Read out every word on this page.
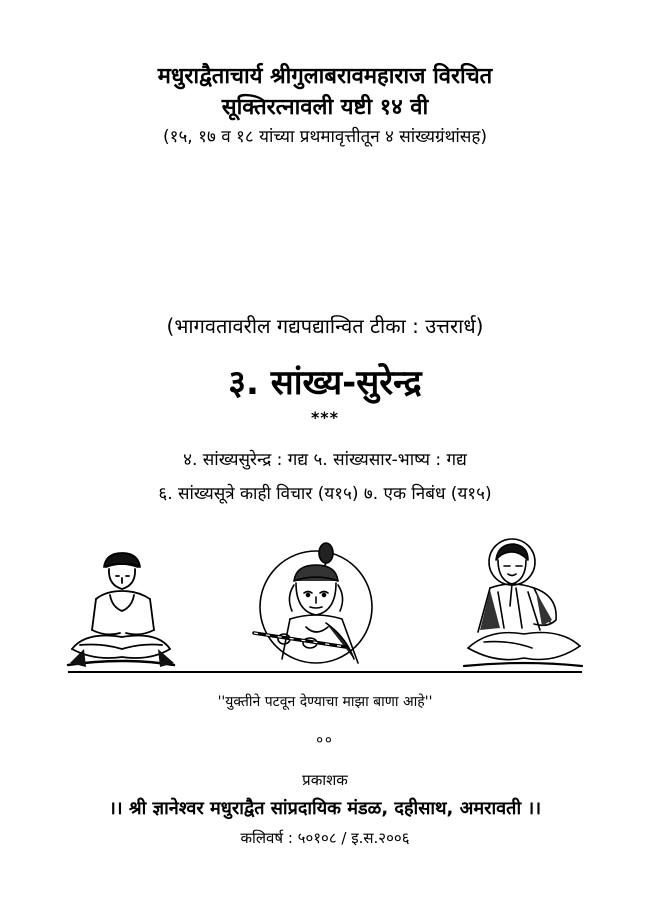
मधुराद्वैताचार्य श्रीगुलाबरावमहाराज विरचित
सूक्तिरत्नावली यष्टी १४ वी
(१५, १७ व १८ यांच्या प्रथमावृत्तीतून ४ सांख्यग्रंथांसह)
(भागवतावरील गद्यपद्यान्वित टीका : उत्तरार्ध)
३. सांख्य-सुरेन्द्र
***
४. सांख्यसुरेन्द्र : गद्य ५. सांख्यसार-भाष्य : गद्य
६. सांख्यसूत्रे काही विचार (य१५) ७. एक निबंध (य१५)
''युक्तीने पटवून देण्याचा माझा बाणा आहे''
००
प्रकाशक
।। श्री ज्ञानेश्वर मधुराद्वैत सांप्रदायिक मंडळ, दहीसाथ, अमरावती ।।
कलिवर्ष : ५०१०८ / इ.स.२००६
